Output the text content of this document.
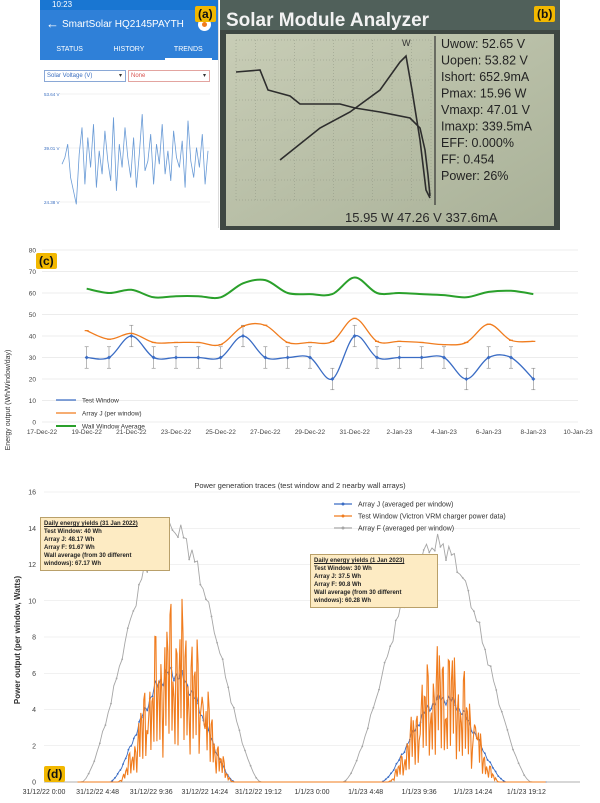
10:23
← SmartSolar HQ2145PAYTH
STATUS	HISTORY	TRENDS
Solar Voltage (V)	▾	None	▾
53.64 V
39.01 V
24.38 V
(a)
W
Solar Module Analyzer
Uwow: 52.65 V
Uopen: 53.82 V
Ishort: 652.9mA
Pmax: 15.96 W
Vmaxp: 47.01 V
Imaxp: 339.5mA
EFF: 0.000%
FF: 0.454
Power: 26%
15.95 W 47.26 V 337.6mA
(b)
0
10
20
30
40
50
60
70
80
17-Dec-22 19-Dec-22 21-Dec-22 23-Dec-22 25-Dec-22 27-Dec-22 29-Dec-22 31-Dec-22	2-Jan-23	4-Jan-23	6-Jan-23	8-Jan-23	10-Jan-23
Energy output (Wh/Window/day)	Test Window
Array J (per window)
Wall Window Average
(c)
Power generation traces (test window and 2 nearby wall arrays)
0
2
4
6
8
10
12
14
16
31/12/22 0:00 31/12/22 4:48 31/12/22 9:36 31/12/22 14:24 31/12/22 19:12 1/1/23 0:00	1/1/23 4:48	1/1/23 9:36 1/1/23 14:24 1/1/23 19:12
Power output (per window, Watts)
Array J (averaged per window)
Test Window (Victron VRM charger power data)
Array F (averaged per window)
Daily energy yields (31 Jan 2022)
Test Window: 40 Wh
Array J: 48.17 Wh
Array F: 91.67 Wh
Wall average (from 30 different
windows): 67.17 Wh	Daily energy yields (1 Jan 2023)
Test Window: 30 Wh
Array J: 37.5 Wh
Array F: 90.8 Wh
Wall average (from 30 different
windows): 60.28 Wh
(d)
